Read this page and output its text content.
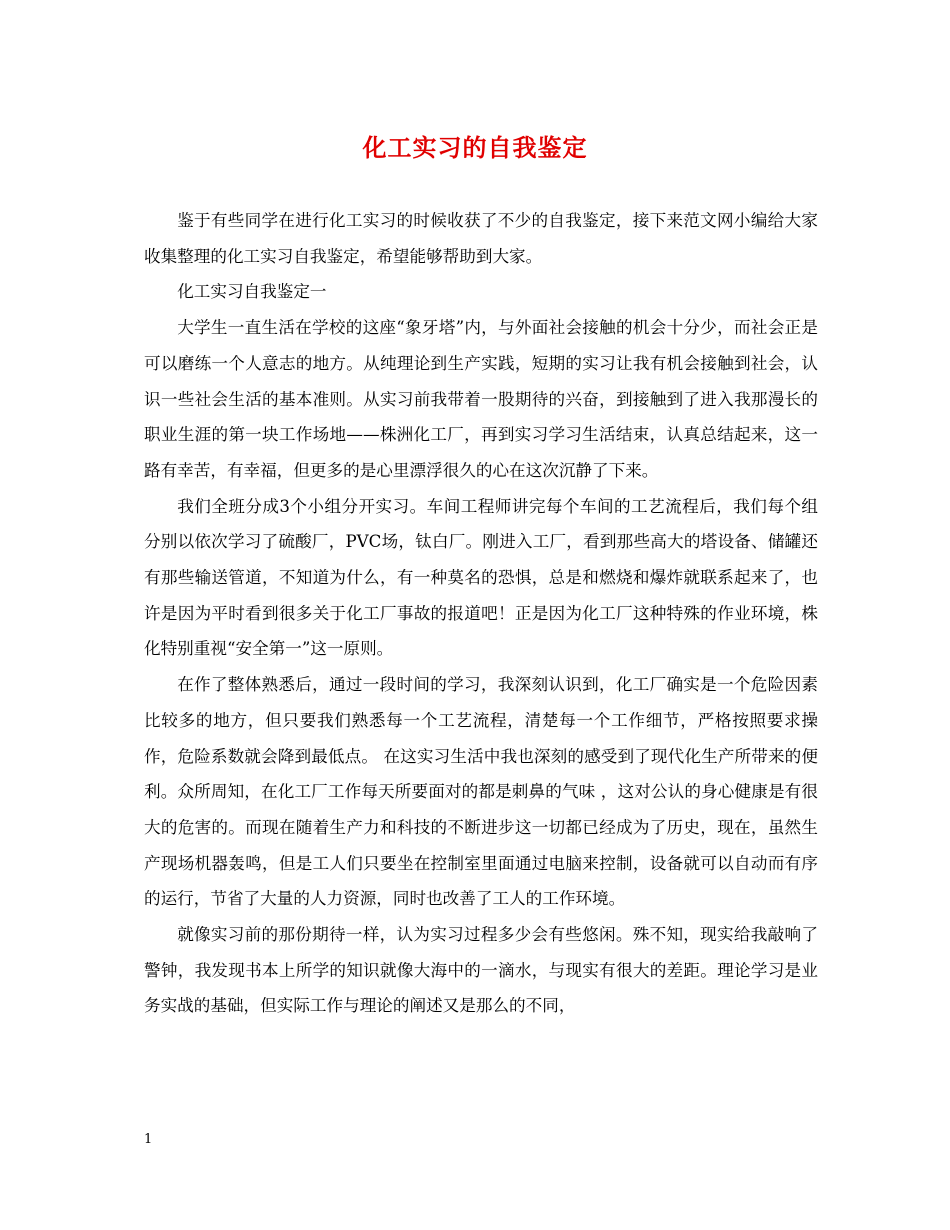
化工实习的自我鉴定

鉴于有些同学在进行化工实习的时候收获了不少的自我鉴定，接下来范文网小编给大家收集整理的化工实习自我鉴定，希望能够帮助到大家。

化工实习自我鉴定一

大学生一直生活在学校的这座“象牙塔”内，与外面社会接触的机会十分少，而社会正是可以磨练一个人意志的地方。从纯理论到生产实践，短期的实习让我有机会接触到社会，认识一些社会生活的基本准则。从实习前我带着一股期待的兴奋，到接触到了进入我那漫长的职业生涯的第一块工作场地——株洲化工厂，再到实习学习生活结束，认真总结起来，这一路有幸苦，有幸福，但更多的是心里漂浮很久的心在这次沉静了下来。

我们全班分成3个小组分开实习。车间工程师讲完每个车间的工艺流程后，我们每个组分别以依次学习了硫酸厂，PVC场，钛白厂。刚进入工厂，看到那些高大的塔设备、储罐还有那些输送管道，不知道为什么，有一种莫名的恐惧，总是和燃烧和爆炸就联系起来了，也许是因为平时看到很多关于化工厂事故的报道吧！正是因为化工厂这种特殊的作业环境，株化特别重视“安全第一”这一原则。

在作了整体熟悉后，通过一段时间的学习，我深刻认识到，化工厂确实是一个危险因素比较多的地方，但只要我们熟悉每一个工艺流程，清楚每一个工作细节，严格按照要求操作，危险系数就会降到最低点。 在这实习生活中我也深刻的感受到了现代化生产所带来的便利。众所周知，在化工厂工作每天所要面对的都是刺鼻的气味 ，这对公认的身心健康是有很大的危害的。而现在随着生产力和科技的不断进步这一切都已经成为了历史，现在，虽然生产现场机器轰鸣，但是工人们只要坐在控制室里面通过电脑来控制，设备就可以自动而有序的运行，节省了大量的人力资源，同时也改善了工人的工作环境。

就像实习前的那份期待一样，认为实习过程多少会有些悠闲。殊不知，现实给我敲响了警钟，我发现书本上所学的知识就像大海中的一滴水，与现实有很大的差距。理论学习是业务实战的基础，但实际工作与理论的阐述又是那么的不同，

1
